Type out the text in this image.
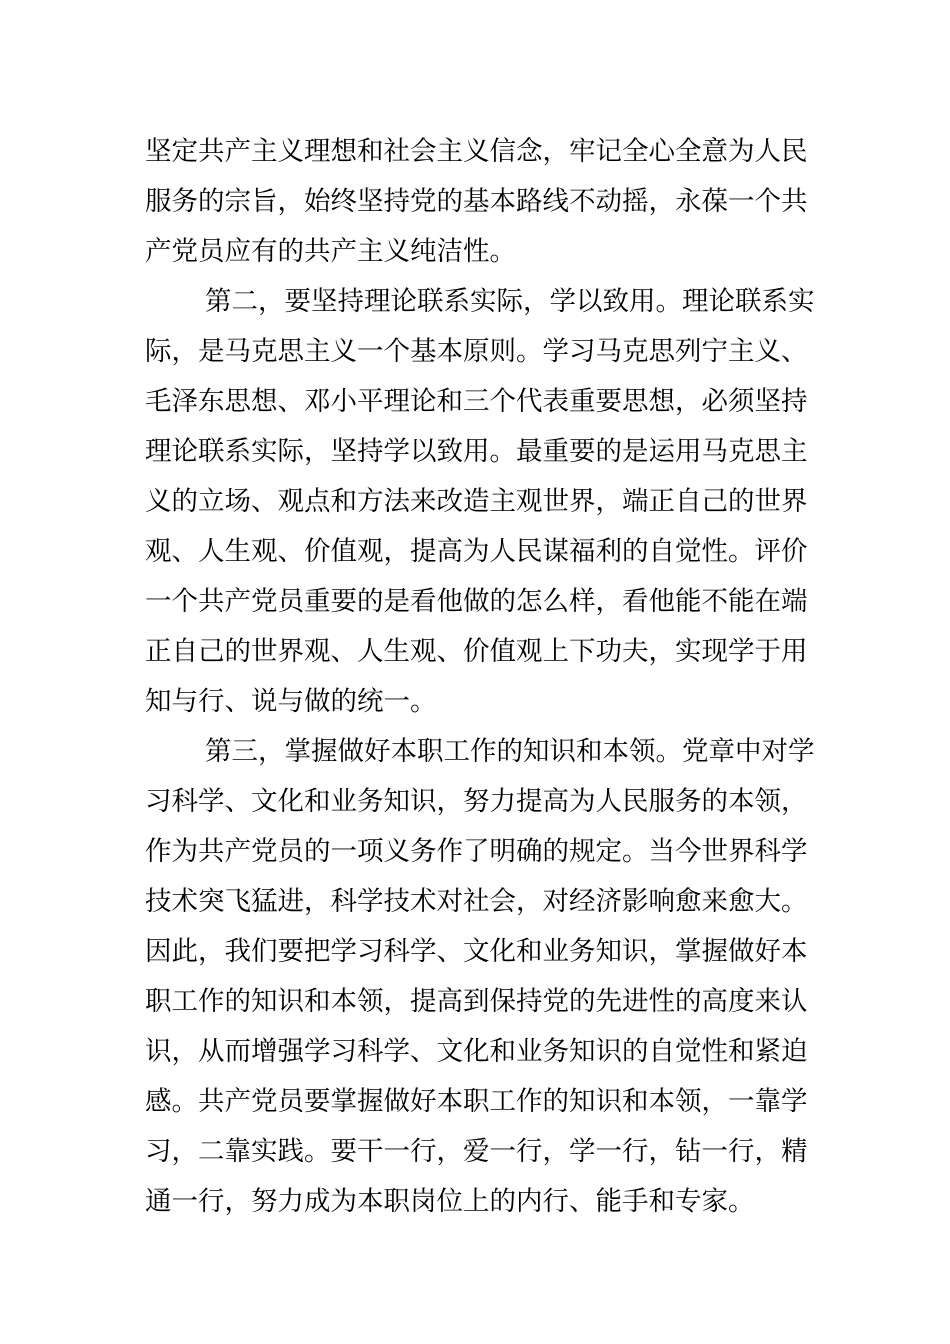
坚定共产主义理想和社会主义信念，牢记全心全意为人民
服务的宗旨，始终坚持党的基本路线不动摇，永葆一个共
产党员应有的共产主义纯洁性。
第二，要坚持理论联系实际，学以致用。理论联系实
际，是马克思主义一个基本原则。学习马克思列宁主义、
毛泽东思想、邓小平理论和三个代表重要思想，必须坚持
理论联系实际，坚持学以致用。最重要的是运用马克思主
义的立场、观点和方法来改造主观世界，端正自己的世界
观、人生观、价值观，提高为人民谋福利的自觉性。评价
一个共产党员重要的是看他做的怎么样，看他能不能在端
正自己的世界观、人生观、价值观上下功夫，实现学于用
知与行、说与做的统一。
第三，掌握做好本职工作的知识和本领。党章中对学
习科学、文化和业务知识，努力提高为人民服务的本领，
作为共产党员的一项义务作了明确的规定。当今世界科学
技术突飞猛进，科学技术对社会，对经济影响愈来愈大。
因此，我们要把学习科学、文化和业务知识，掌握做好本
职工作的知识和本领，提高到保持党的先进性的高度来认
识，从而增强学习科学、文化和业务知识的自觉性和紧迫
感。共产党员要掌握做好本职工作的知识和本领，一靠学
习，二靠实践。要干一行，爱一行，学一行，钻一行，精
通一行，努力成为本职岗位上的内行、能手和专家。
